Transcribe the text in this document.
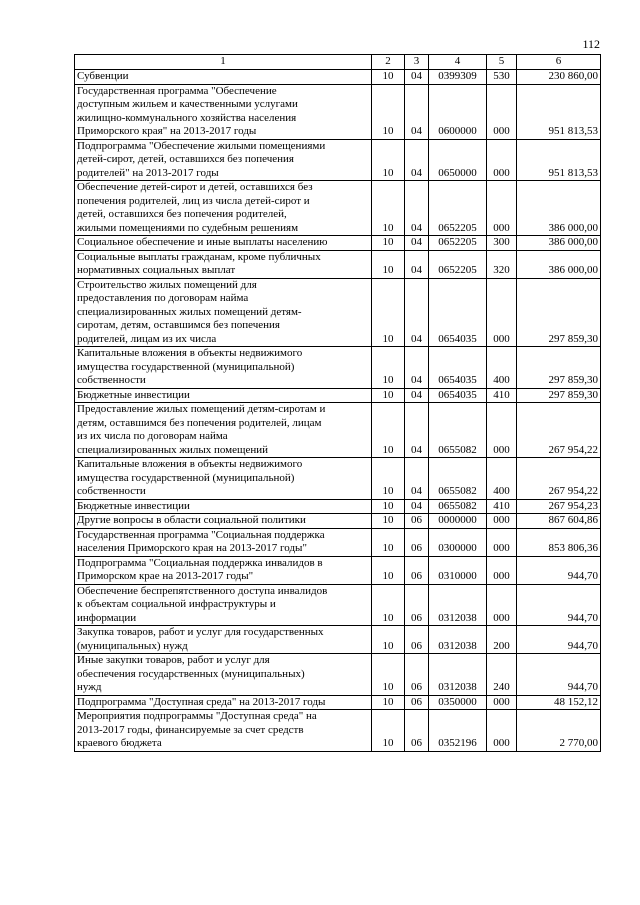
112
1	2	3	4	5	6
Субвенции	10	04	0399309	530	230 860,00
Государственная программа "Обеспечение
доступным жильем и качественными услугами
жилищно-коммунального хозяйства населения
Приморского края" на 2013-2017 годы	10	04	0600000	000	951 813,53
Подпрограмма "Обеспечение жилыми помещениями
детей-сирот, детей, оставшихся без попечения
родителей" на 2013-2017 годы	10	04	0650000	000	951 813,53
Обеспечение детей-сирот и детей, оставшихся без
попечения родителей, лиц из числа детей-сирот и
детей, оставшихся без попечения родителей,
жилыми помещениями по судебным решениям	10	04	0652205	000	386 000,00
Социальное обеспечение и иные выплаты населению	10	04	0652205	300	386 000,00
Социальные выплаты гражданам, кроме публичных
нормативных социальных выплат	10	04	0652205	320	386 000,00
Строительство жилых помещений для
предоставления по договорам найма
специализированных жилых помещений детям-
сиротам, детям, оставшимся без попечения
родителей, лицам из их числа	10	04	0654035	000	297 859,30
Капитальные вложения в объекты недвижимого
имущества государственной (муниципальной)
собственности	10	04	0654035	400	297 859,30
Бюджетные инвестиции	10	04	0654035	410	297 859,30
Предоставление жилых помещений детям-сиротам и
детям, оставшимся без попечения родителей, лицам
из их числа по договорам найма
специализированных жилых помещений	10	04	0655082	000	267 954,22
Капитальные вложения в объекты недвижимого
имущества государственной (муниципальной)
собственности	10	04	0655082	400	267 954,22
Бюджетные инвестиции	10	04	0655082	410	267 954,23
Другие вопросы в области социальной политики	10	06	0000000	000	867 604,86
Государственная программа "Социальная поддержка
населения Приморского края на 2013-2017 годы"	10	06	0300000	000	853 806,36
Подпрограмма "Социальная поддержка инвалидов в
Приморском крае на 2013-2017 годы"	10	06	0310000	000	944,70
Обеспечение беспрепятственного доступа инвалидов
к объектам социальной инфраструктуры и
информации	10	06	0312038	000	944,70
Закупка товаров, работ и услуг для государственных
(муниципальных) нужд	10	06	0312038	200	944,70
Иные закупки товаров, работ и услуг для
обеспечения государственных (муниципальных)
нужд	10	06	0312038	240	944,70
Подпрограмма "Доступная среда" на 2013-2017 годы	10	06	0350000	000	48 152,12
Мероприятия подпрограммы "Доступная среда" на
2013-2017 годы, финансируемые за счет средств
краевого бюджета	10	06	0352196	000	2 770,00
